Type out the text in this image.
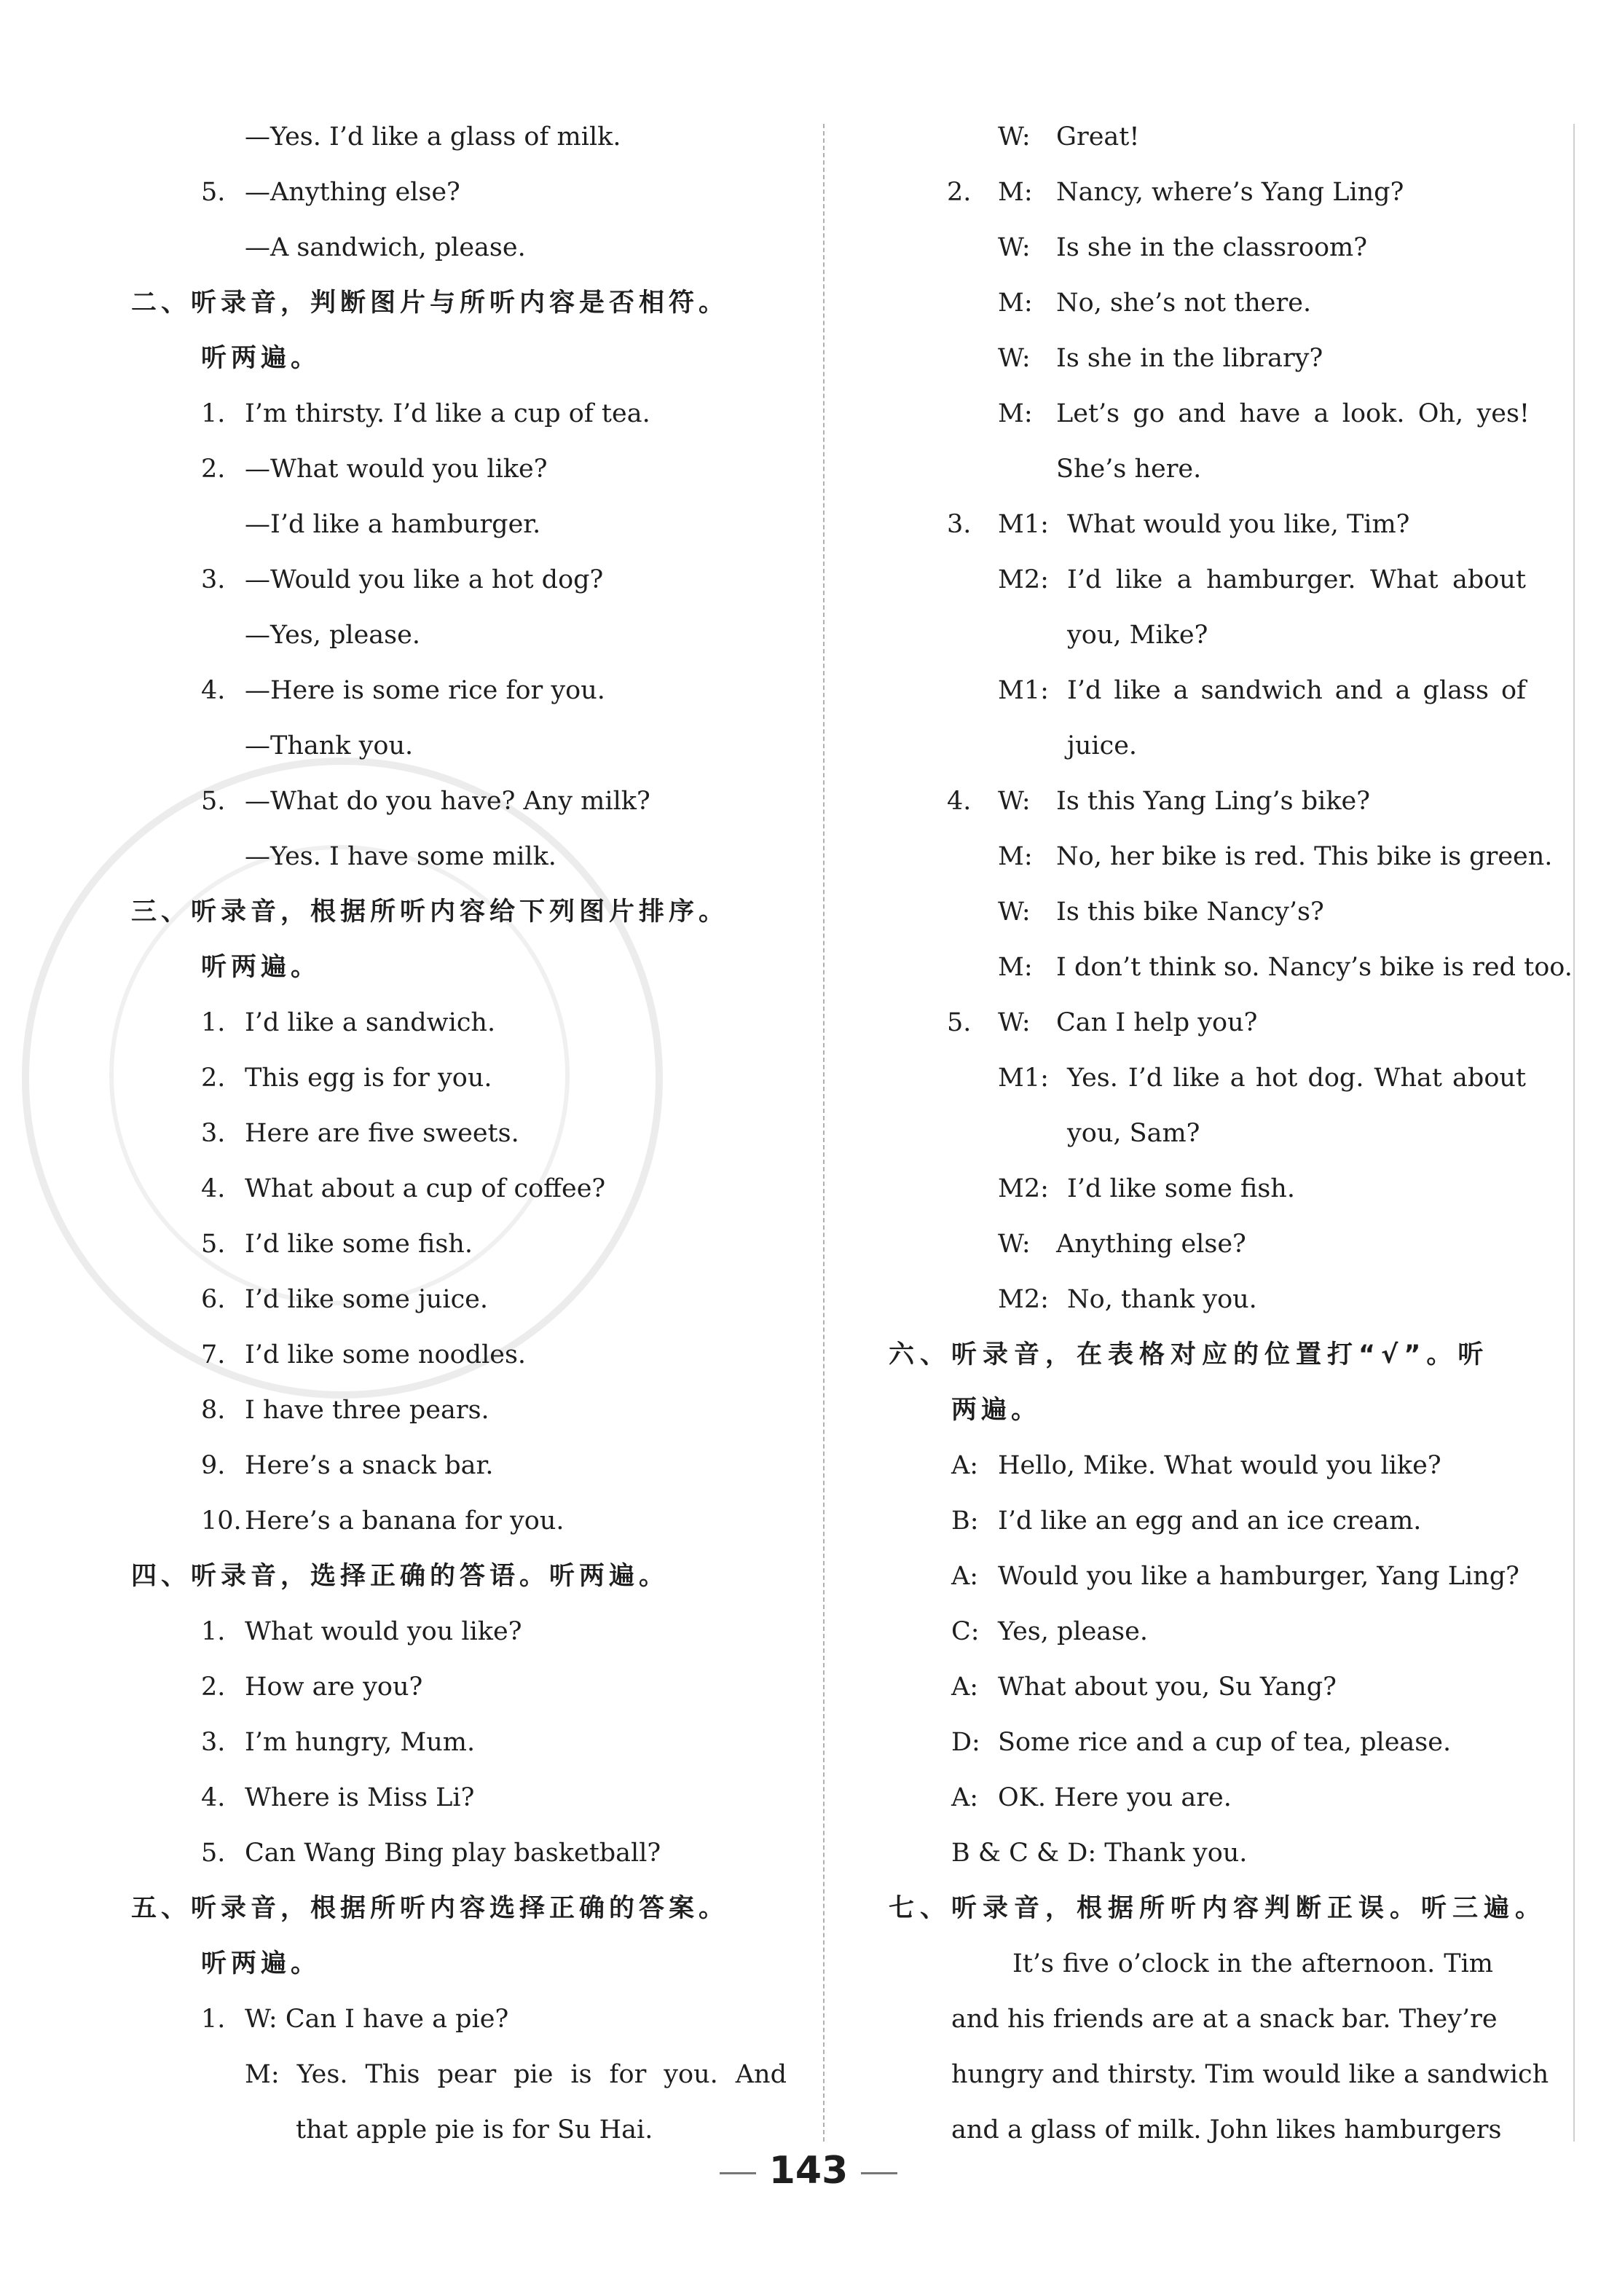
—Yes. I’d like a glass of milk.
5. —Anything else?
—A sandwich, please.
二、听录音，判断图片与所听内容是否相符。
听两遍。
1. I’m thirsty. I’d like a cup of tea.
2. —What would you like?
—I’d like a hamburger.
3. —Would you like a hot dog?
—Yes, please.
4. —Here is some rice for you.
—Thank you.
5. —What do you have? Any milk?
—Yes. I have some milk.
三、听录音，根据所听内容给下列图片排序。
听两遍。
1. I’d like a sandwich.
2. This egg is for you.
3. Here are five sweets.
4. What about a cup of coffee?
5. I’d like some fish.
6. I’d like some juice.
7. I’d like some noodles.
8. I have three pears.
9. Here’s a snack bar.
10. Here’s a banana for you.
四、听录音，选择正确的答语。听两遍。
1. What would you like?
2. How are you?
3. I’m hungry, Mum.
4. Where is Miss Li?
5. Can Wang Bing play basketball?
五、听录音，根据所听内容选择正确的答案。
听两遍。
1. W: Can I have a pie?
M: Yes. This pear pie is for you. And
that apple pie is for Su Hai.
W: Great!
2. M: Nancy, where’s Yang Ling?
W: Is she in the classroom?
M: No, she’s not there.
W: Is she in the library?
M: Let’s go and have a look. Oh, yes!
She’s here.
3. M1: What would you like, Tim?
M2: I’d like a hamburger. What about
you, Mike?
M1: I’d like a sandwich and a glass of
juice.
4. W: Is this Yang Ling’s bike?
M: No, her bike is red. This bike is green.
W: Is this bike Nancy’s?
M: I don’t think so. Nancy’s bike is red too.
5. W: Can I help you?
M1: Yes. I’d like a hot dog. What about
you, Sam?
M2: I’d like some fish.
W: Anything else?
M2: No, thank you.
六、听录音，在表格对应的位置打“√”。听
两遍。
A: Hello, Mike. What would you like?
B: I’d like an egg and an ice cream.
A: Would you like a hamburger, Yang Ling?
C: Yes, please.
A: What about you, Su Yang?
D: Some rice and a cup of tea, please.
A: OK. Here you are.
B & C & D: Thank you.
七、听录音，根据所听内容判断正误。听三遍。
It’s five o’clock in the afternoon. Tim
and his friends are at a snack bar. They’re
hungry and thirsty. Tim would like a sandwich
and a glass of milk. John likes hamburgers
143
